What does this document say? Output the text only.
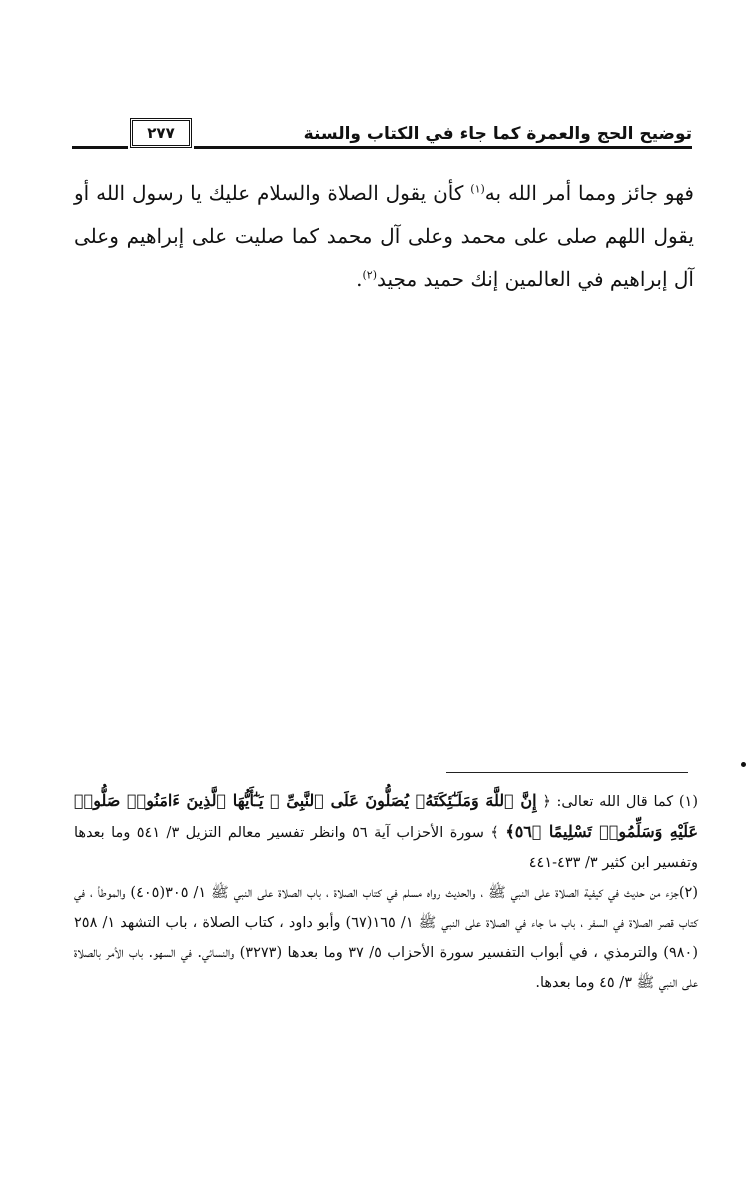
توضيح الحج والعمرة كما جاء في الكتاب والسنة
٢٧٧

فهو جائز ومما أمر الله به$^{(١)}$ كأن يقول الصلاة والسلام عليك يا رسول الله أو يقول اللهم صلى على محمد وعلى آل محمد كما صليت على إبراهيم وعلى آل إبراهيم في العالمين إنك حميد مجيد$^{(٢)}$.

(١) كما قال الله تعالى: ﴿ إِنَّ ٱللَّهَ وَمَلَـٰٓئِكَتَهُۥ يُصَلُّونَ عَلَى ٱلنَّبِىِّ ۚ يَـٰٓأَيُّهَا ٱلَّذِينَ ءَامَنُوا۟ صَلُّوا۟ عَلَيْهِ وَسَلِّمُوا۟ تَسْلِيمًا ﴿٥٦﴾ ﴾ سورة الأحزاب آية ٥٦ وانظر تفسير معالم التزيل ٣/ ٥٤١ وما بعدها وتفسير ابن كثير ٣/ ٤٣٣-٤٤١

(٢)جزء من حديث في كيفية الصلاة على النبي ﷺ ، والحديث رواه مسلم في كتاب الصلاة ، باب الصلاة على النبي ﷺ ١/ ٣٠٥(٤٠٥) والموطأ ، في كتاب قصر الصلاة في السفر ، باب ما جاء في الصلاة على النبي ﷺ ١/ ١٦٥(٦٧) وأبو داود ، كتاب الصلاة ، باب التشهد ١/ ٢٥٨ (٩٨٠) والترمذي ، في أبواب التفسير سورة الأحزاب ٥/ ٣٧ وما بعدها (٣٢٧٣) والنسائي. في السهو. باب الأمر بالصلاة على النبي ﷺ ٣/ ٤٥ وما بعدها.
